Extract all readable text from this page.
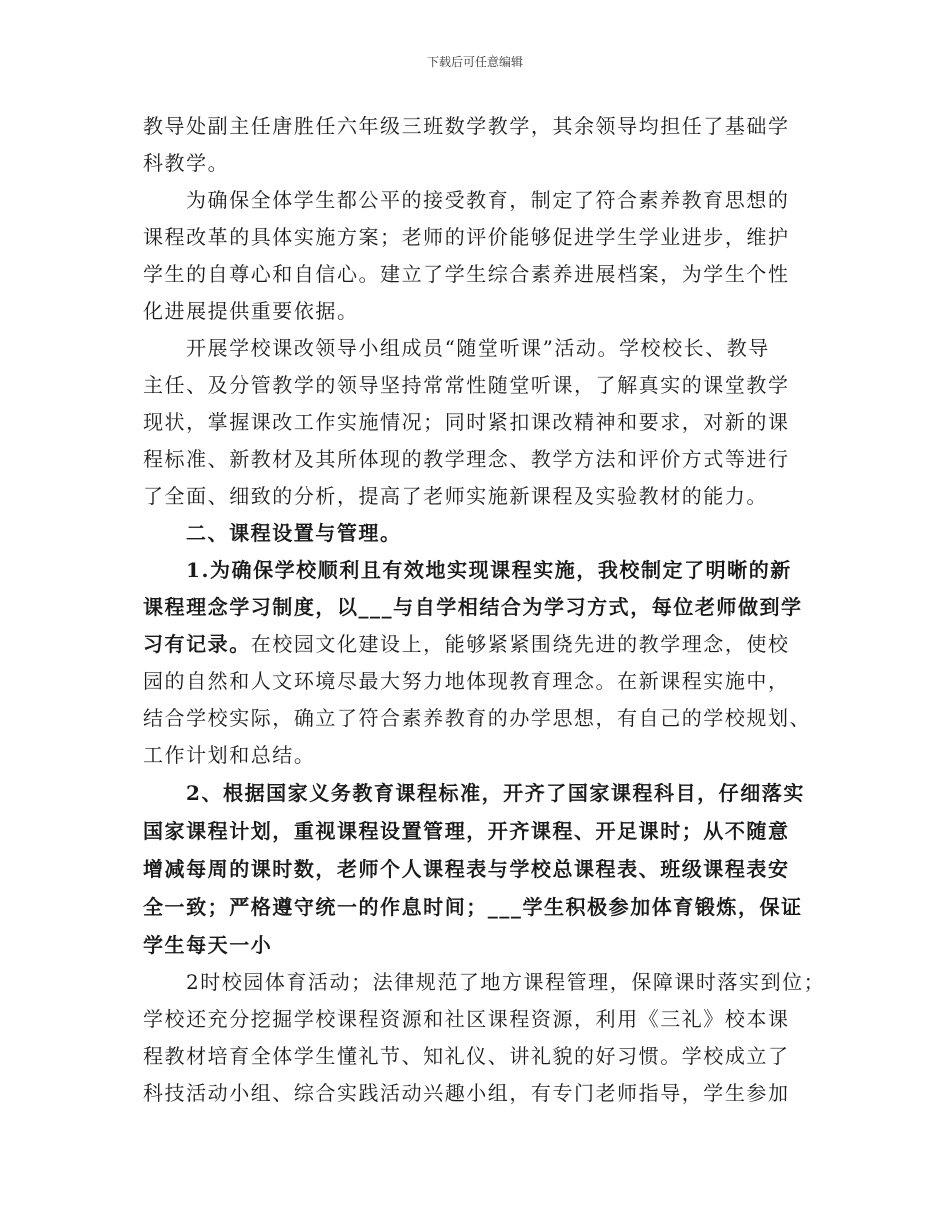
下载后可任意编辑
教导处副主任唐胜任六年级三班数学教学，其余领导均担任了基础学
科教学。
为确保全体学生都公平的接受教育，制定了符合素养教育思想的
课程改革的具体实施方案；老师的评价能够促进学生学业进步，维护
学生的自尊心和自信心。建立了学生综合素养进展档案，为学生个性
化进展提供重要依据。
开展学校课改领导小组成员“随堂听课”活动。学校校长、教导
主任、及分管教学的领导坚持常常性随堂听课，了解真实的课堂教学
现状，掌握课改工作实施情况；同时紧扣课改精神和要求，对新的课
程标准、新教材及其所体现的教学理念、教学方法和评价方式等进行
了全面、细致的分析，提高了老师实施新课程及实验教材的能力。
二、课程设置与管理。
1.为确保学校顺利且有效地实现课程实施，我校制定了明晰的新
课程理念学习制度，以___与自学相结合为学习方式，每位老师做到学
习有记录。在校园文化建设上，能够紧紧围绕先进的教学理念，使校
园的自然和人文环境尽最大努力地体现教育理念。在新课程实施中，
结合学校实际，确立了符合素养教育的办学思想，有自己的学校规划、
工作计划和总结。
2、根据国家义务教育课程标准，开齐了国家课程科目，仔细落实
国家课程计划，重视课程设置管理，开齐课程、开足课时；从不随意
增减每周的课时数，老师个人课程表与学校总课程表、班级课程表安
全一致；严格遵守统一的作息时间；___学生积极参加体育锻炼，保证
学生每天一小
2时校园体育活动；法律规范了地方课程管理，保障课时落实到位；
学校还充分挖掘学校课程资源和社区课程资源，利用《三礼》校本课
程教材培育全体学生懂礼节、知礼仪、讲礼貌的好习惯。学校成立了
科技活动小组、综合实践活动兴趣小组，有专门老师指导，学生参加
